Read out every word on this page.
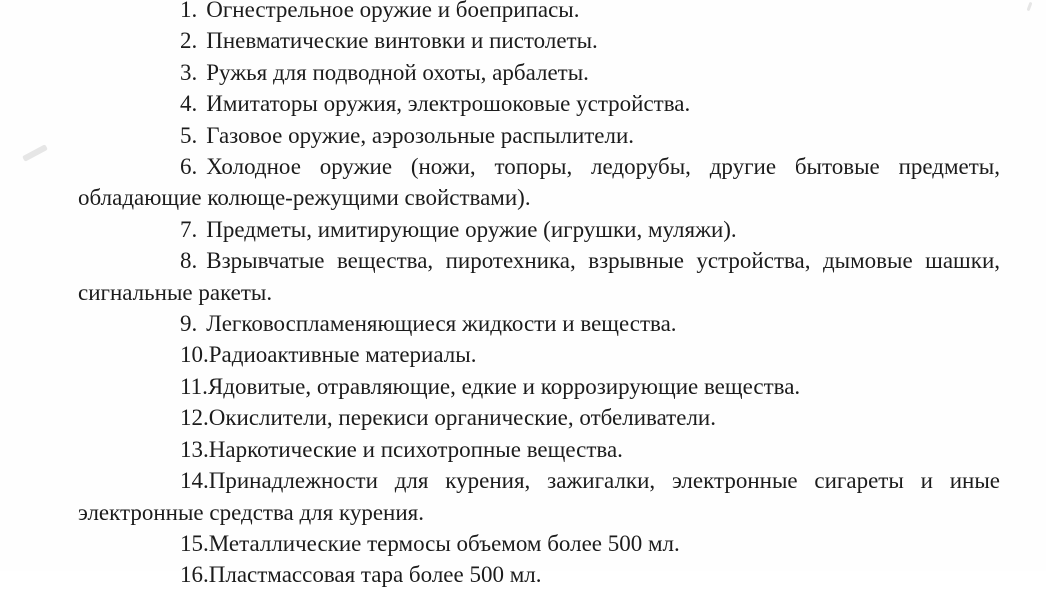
1. Огнестрельное оружие и боеприпасы.
2. Пневматические винтовки и пистолеты.
3. Ружья для подводной охоты, арбалеты.
4. Имитаторы оружия, электрошоковые устройства.
5. Газовое оружие, аэрозольные распылители.
6. Холодное оружие (ножи, топоры, ледорубы, другие бытовые предметы, обладающие колюще-режущими свойствами).
7. Предметы, имитирующие оружие (игрушки, муляжи).
8. Взрывчатые вещества, пиротехника, взрывные устройства, дымовые шашки, сигнальные ракеты.
9. Легковоспламеняющиеся жидкости и вещества.
10.Радиоактивные материалы.
11.Ядовитые, отравляющие, едкие и коррозирующие вещества.
12.Окислители, перекиси органические, отбеливатели.
13.Наркотические и психотропные вещества.
14.Принадлежности для курения, зажигалки, электронные сигареты и иные электронные средства для курения.
15.Металлические термосы объемом более 500 мл.
16.Пластмассовая тара более 500 мл.
